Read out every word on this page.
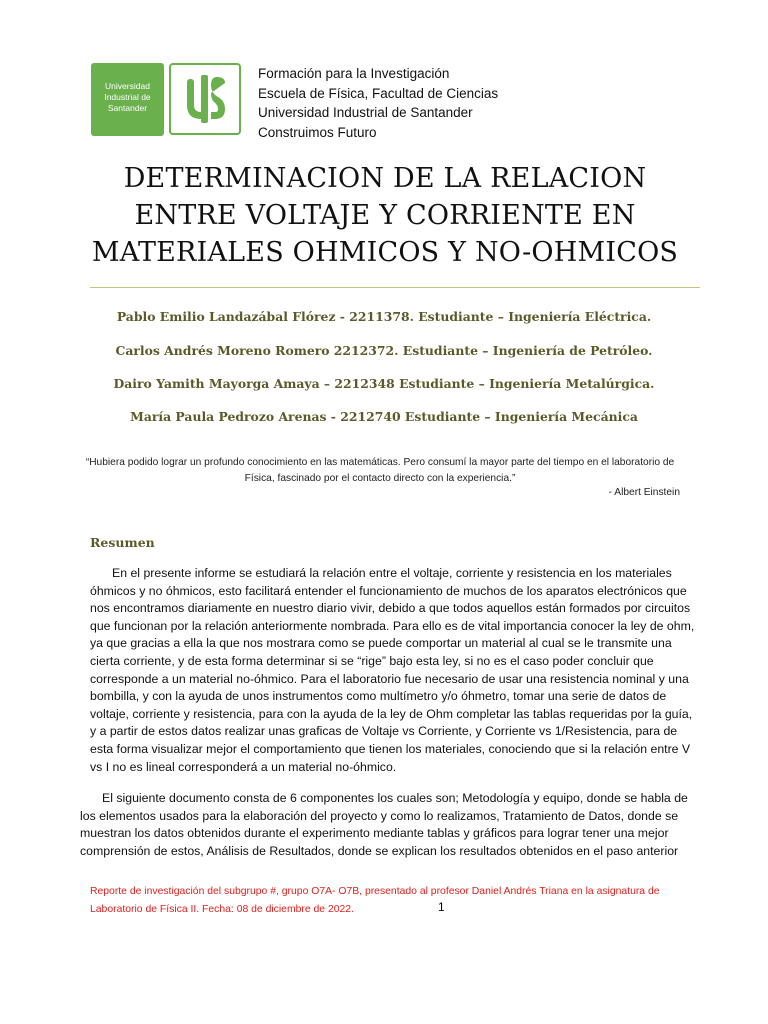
Universidad
Industrial de
Santander
Formación para la Investigación
Escuela de Física, Facultad de Ciencias
Universidad Industrial de Santander
Construimos Futuro
DETERMINACION DE LA RELACION
ENTRE VOLTAJE Y CORRIENTE EN
MATERIALES OHMICOS Y NO-OHMICOS
Pablo Emilio Landazábal Flórez - 2211378. Estudiante – Ingeniería Eléctrica.
Carlos Andrés Moreno Romero 2212372. Estudiante – Ingeniería de Petróleo.
Dairo Yamith Mayorga Amaya – 2212348 Estudiante – Ingeniería Metalúrgica.
María Paula Pedrozo Arenas - 2212740 Estudiante – Ingeniería Mecánica
“Hubiera podido lograr un profundo conocimiento en las matemáticas. Pero consumí la mayor parte del tiempo en el laboratorio de Física, fascinado por el contacto directo con la experiencia.”
- Albert Einstein
Resumen

En el presente informe se estudiará la relación entre el voltaje, corriente y resistencia en los materiales óhmicos y no óhmicos, esto facilitará entender el funcionamiento de muchos de los aparatos electrónicos que nos encontramos diariamente en nuestro diario vivir, debido a que todos aquellos están formados por circuitos que funcionan por la relación anteriormente nombrada. Para ello es de vital importancia conocer la ley de ohm, ya que gracias a ella la que nos mostrara como se puede comportar un material al cual se le transmite una cierta corriente, y de esta forma determinar si se “rige” bajo esta ley, si no es el caso poder concluir que corresponde a un material no-óhmico. Para el laboratorio fue necesario de usar una resistencia nominal y una bombilla, y con la ayuda de unos instrumentos como multímetro y/o óhmetro, tomar una serie de datos de voltaje, corriente y resistencia, para con la ayuda de la ley de Ohm completar las tablas requeridas por la guía, y a partir de estos datos realizar unas graficas de Voltaje vs Corriente, y Corriente vs 1/Resistencia, para de esta forma visualizar mejor el comportamiento que tienen los materiales, conociendo que si la relación entre V vs I no es lineal corresponderá a un material no-óhmico.

El siguiente documento consta de 6 componentes los cuales son; Metodología y equipo, donde se habla de los elementos usados para la elaboración del proyecto y como lo realizamos, Tratamiento de Datos, donde se muestran los datos obtenidos durante el experimento mediante tablas y gráficos para lograr tener una mejor comprensión de estos, Análisis de Resultados, donde se explican los resultados obtenidos en el paso anterior

Reporte de investigación del subgrupo #, grupo O7A- O7B, presentado al profesor Daniel Andrés Triana en la asignatura de Laboratorio de Física II. Fecha: 08 de diciembre de 2022.	1
